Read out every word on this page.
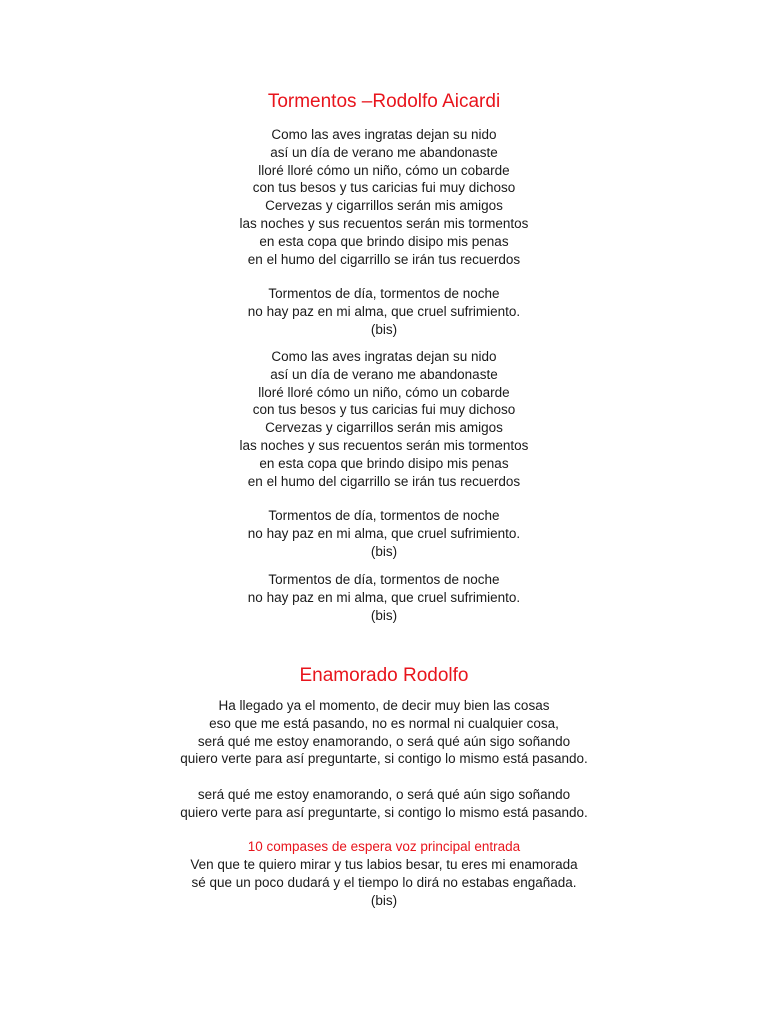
Tormentos –Rodolfo Aicardi
Como las aves ingratas dejan su nido
así un día de verano me abandonaste
lloré lloré cómo un niño, cómo un cobarde
con tus besos y tus caricias fui muy dichoso
Cervezas y cigarrillos serán mis amigos
las noches y sus recuentos serán mis tormentos
en esta copa que brindo disipo mis penas
en el humo del cigarrillo se irán tus recuerdos
Tormentos de día, tormentos de noche
no hay paz en mi alma, que cruel sufrimiento.
(bis)
Como las aves ingratas dejan su nido
así un día de verano me abandonaste
lloré lloré cómo un niño, cómo un cobarde
con tus besos y tus caricias fui muy dichoso
Cervezas y cigarrillos serán mis amigos
las noches y sus recuentos serán mis tormentos
en esta copa que brindo disipo mis penas
en el humo del cigarrillo se irán tus recuerdos
Tormentos de día, tormentos de noche
no hay paz en mi alma, que cruel sufrimiento.
(bis)
Tormentos de día, tormentos de noche
no hay paz en mi alma, que cruel sufrimiento.
(bis)
Enamorado Rodolfo
Ha llegado ya el momento, de decir muy bien las cosas
eso que me está pasando, no es normal ni cualquier cosa,
será qué me estoy enamorando, o será qué aún sigo soñando
quiero verte para así preguntarte, si contigo lo mismo está pasando.
será qué me estoy enamorando, o será qué aún sigo soñando
quiero verte para así preguntarte, si contigo lo mismo está pasando.
10 compases de espera voz principal entrada
Ven que te quiero mirar y tus labios besar, tu eres mi enamorada
sé que un poco dudará y el tiempo lo dirá no estabas engañada.
(bis)
